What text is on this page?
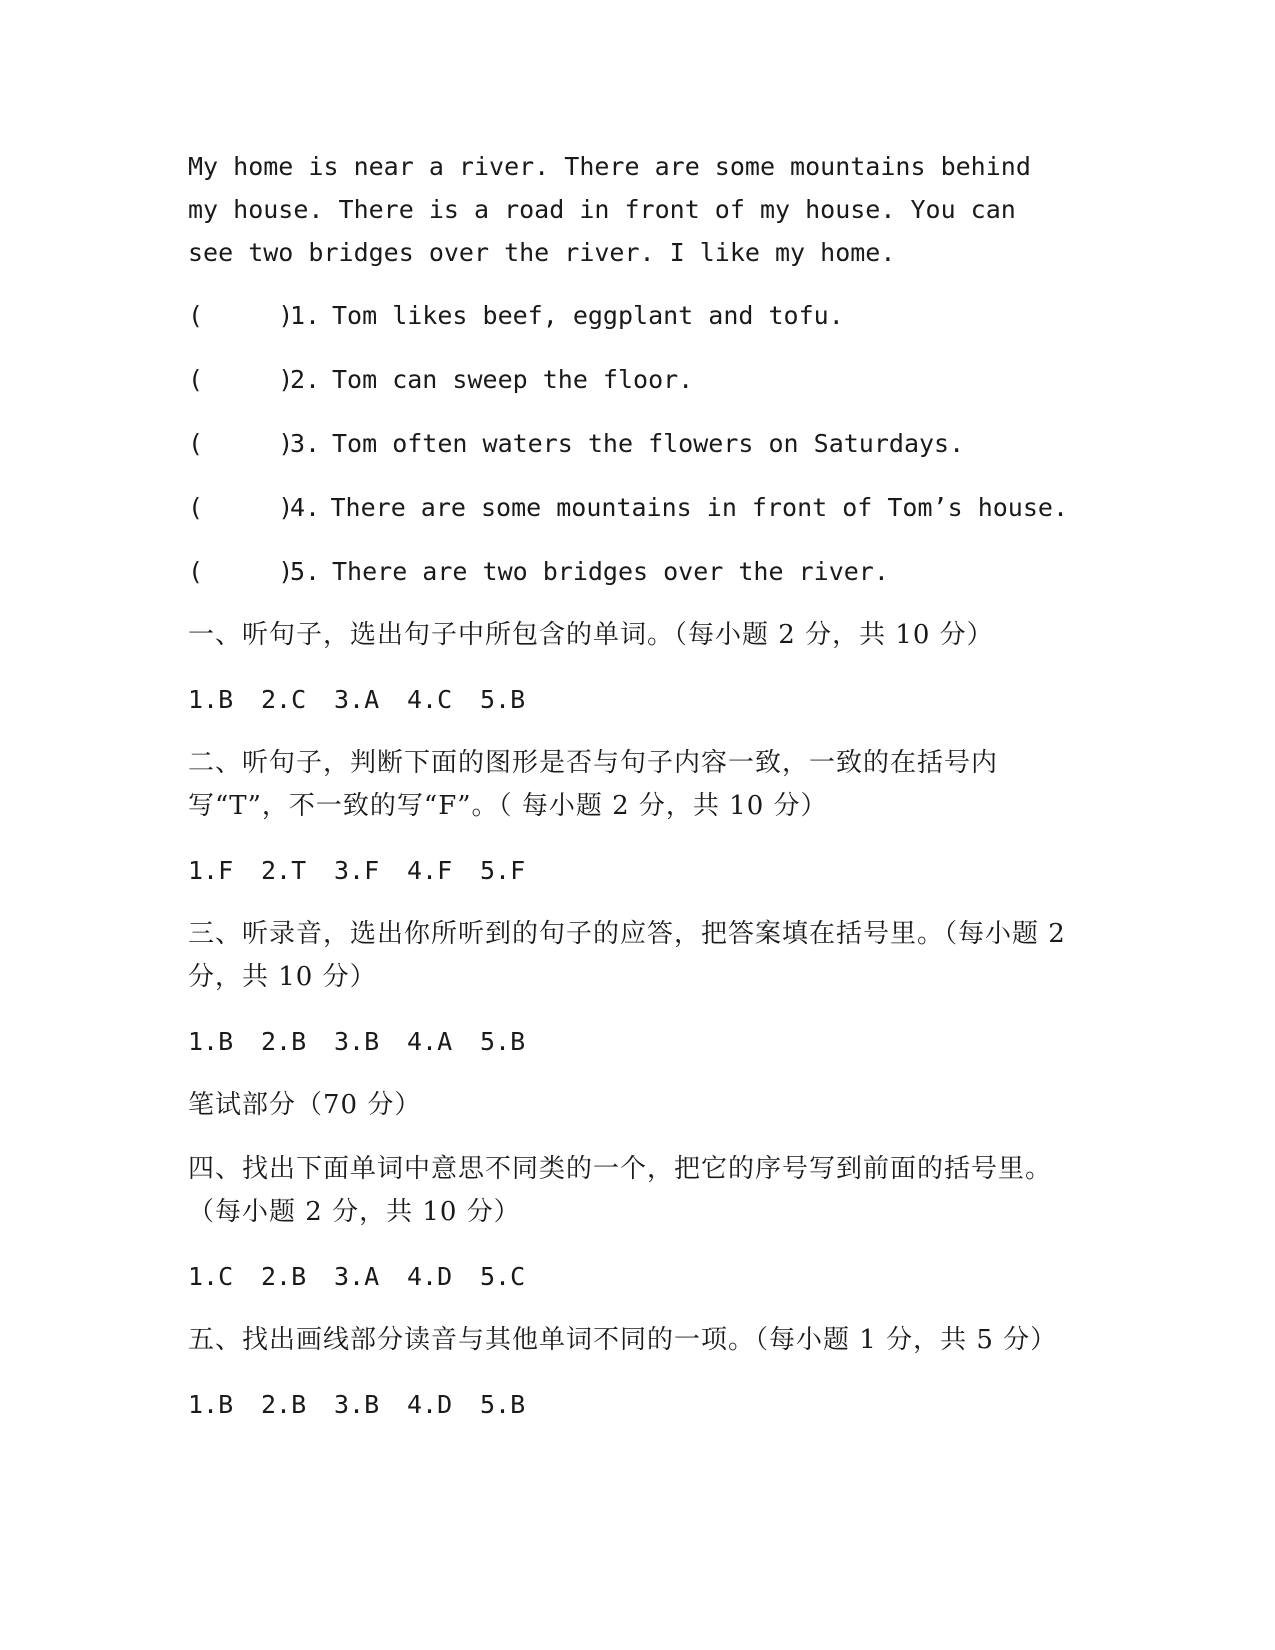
My home is near a river. There are some mountains behind my house. There is a road in front of my house. You can see two bridges over the river. I like my home.

(     )
1. Tom likes beef, eggplant and tofu.
(     )
2. Tom can sweep the floor.
(     )
3. Tom often waters the flowers on Saturdays.
(     )
4. There are some mountains in front of Tom’s house.
(     )
5. There are two bridges over the river.
一、听句子，选出句子中所包含的单词。（每小题 2 分，共 10 分）
1.B	2.C	3.A	4.C	5.B
二、听句子，判断下面的图形是否与句子内容一致，一致的在括号内写“T”，不一致的写“F”。（ 每小题 2 分，共 10 分）
1.F	2.T	3.F	4.F	5.F
三、听录音，选出你所听到的句子的应答，把答案填在括号里。（每小题 2 分，共 10 分）
1.B	2.B	3.B	4.A	5.B
笔试部分（70 分）
四、找出下面单词中意思不同类的一个，把它的序号写到前面的括号里。（每小题 2 分，共 10 分）
1.C	2.B	3.A	4.D	5.C
五、找出画线部分读音与其他单词不同的一项。（每小题 1 分，共 5 分）
1.B	2.B	3.B	4.D	5.B
